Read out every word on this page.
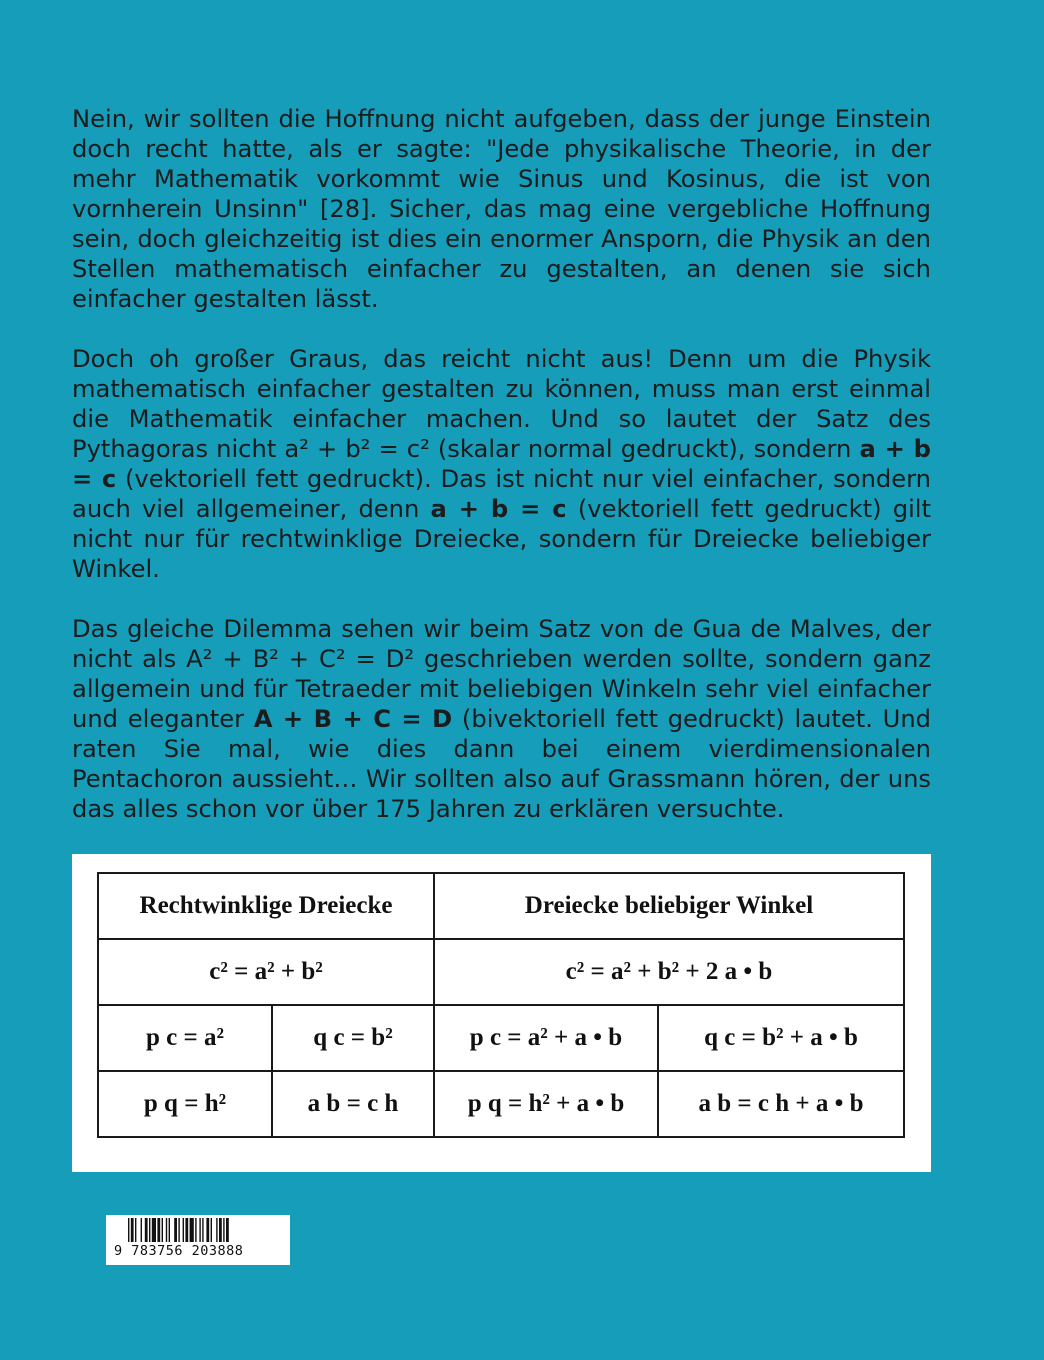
Nein, wir sollten die Hoffnung nicht aufgeben, dass der junge Einstein doch recht hatte, als er sagte: "Jede physikalische Theorie, in der mehr Mathematik vorkommt wie Sinus und Kosinus, die ist von vornherein Unsinn" [28]. Sicher, das mag eine vergebliche Hoffnung sein, doch gleichzeitig ist dies ein enormer Ansporn, die Physik an den Stellen mathematisch einfacher zu gestalten, an denen sie sich einfacher gestalten lässt.

Doch oh großer Graus, das reicht nicht aus! Denn um die Physik mathematisch einfacher gestalten zu können, muss man erst einmal die Mathematik einfacher machen. Und so lautet der Satz des Pythagoras nicht a² + b² = c² (skalar normal gedruckt), sondern a + b = c (vektoriell fett gedruckt). Das ist nicht nur viel einfacher, sondern auch viel allgemeiner, denn a + b = c (vektoriell fett gedruckt) gilt nicht nur für rechtwinklige Dreiecke, sondern für Dreiecke beliebiger Winkel.

Das gleiche Dilemma sehen wir beim Satz von de Gua de Malves, der nicht als A² + B² + C² = D² geschrieben werden sollte, sondern ganz allgemein und für Tetraeder mit beliebigen Winkeln sehr viel einfacher und eleganter A + B + C = D (bivektoriell fett gedruckt) lautet. Und raten Sie mal, wie dies dann bei einem vierdimensionalen Pentachoron aussieht… Wir sollten also auf Grassmann hören, der uns das alles schon vor über 175 Jahren zu erklären versuchte.

Rechtwinklige Dreiecke		Dreiecke beliebiger Winkel	
c² = a² + b²		c² = a² + b² + 2 a • b	
p c = a²	q c = b²	p c = a² + a • b	q c = b² + a • b
p q = h²	a b = c h	p q = h² + a • b	a b = c h + a • b
9 783756 203888
